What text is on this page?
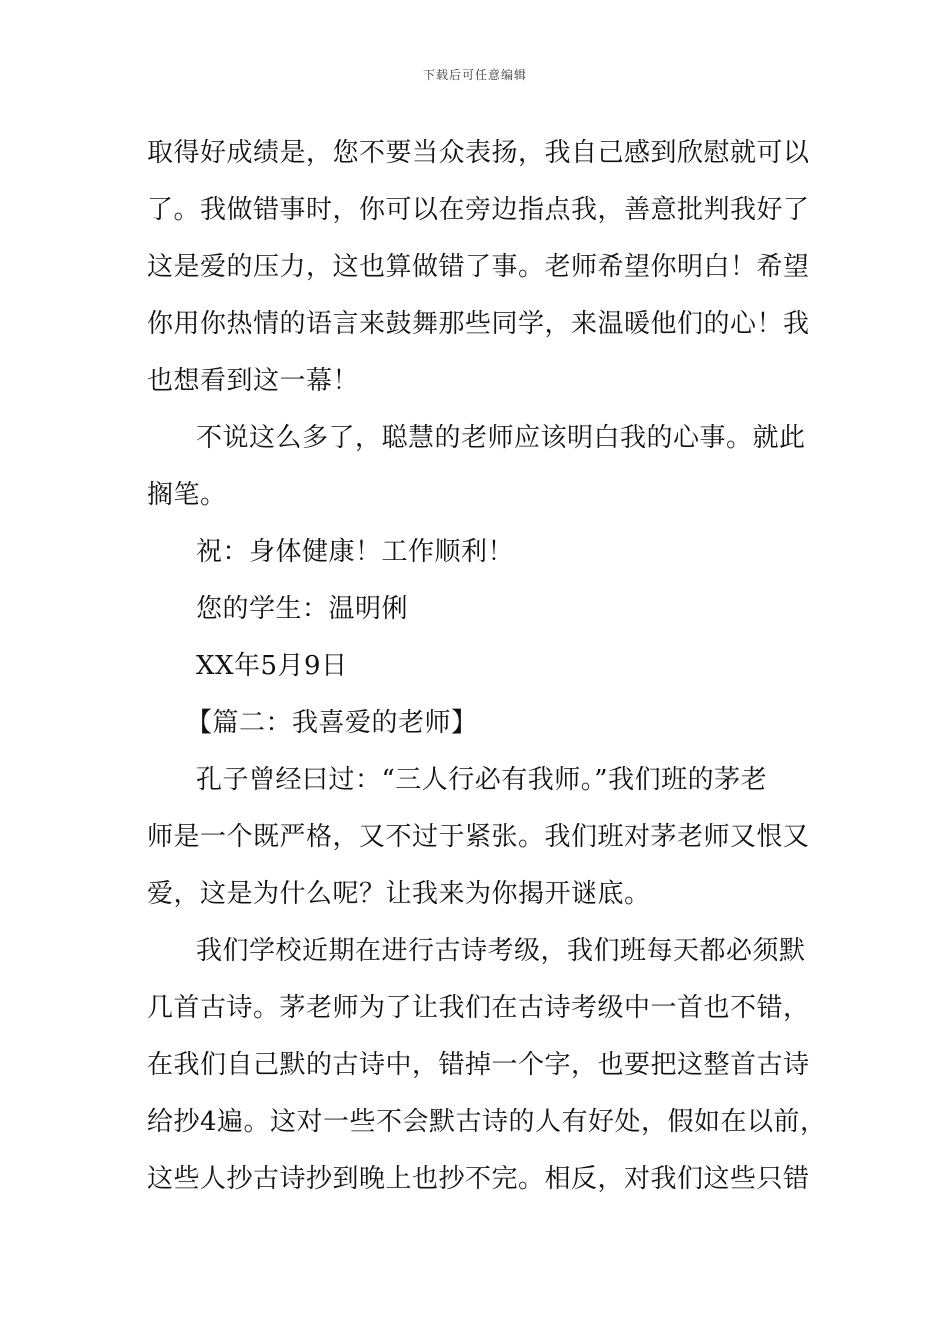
下载后可任意编辑
取得好成绩是，您不要当众表扬，我自己感到欣慰就可以
了。我做错事时，你可以在旁边指点我，善意批判我好了
这是爱的压力，这也算做错了事。老师希望你明白！希望
你用你热情的语言来鼓舞那些同学，来温暖他们的心！我
也想看到这一幕！
不说这么多了，聪慧的老师应该明白我的心事。就此
搁笔。
祝：身体健康！工作顺利！
您的学生：温明俐
XX年5月9日
【篇二：我喜爱的老师】
孔子曾经曰过：“三人行必有我师。”我们班的茅老
师是一个既严格，又不过于紧张。我们班对茅老师又恨又
爱，这是为什么呢？让我来为你揭开谜底。
我们学校近期在进行古诗考级，我们班每天都必须默
几首古诗。茅老师为了让我们在古诗考级中一首也不错，
在我们自己默的古诗中，错掉一个字，也要把这整首古诗
给抄4遍。这对一些不会默古诗的人有好处，假如在以前，
这些人抄古诗抄到晚上也抄不完。相反，对我们这些只错
